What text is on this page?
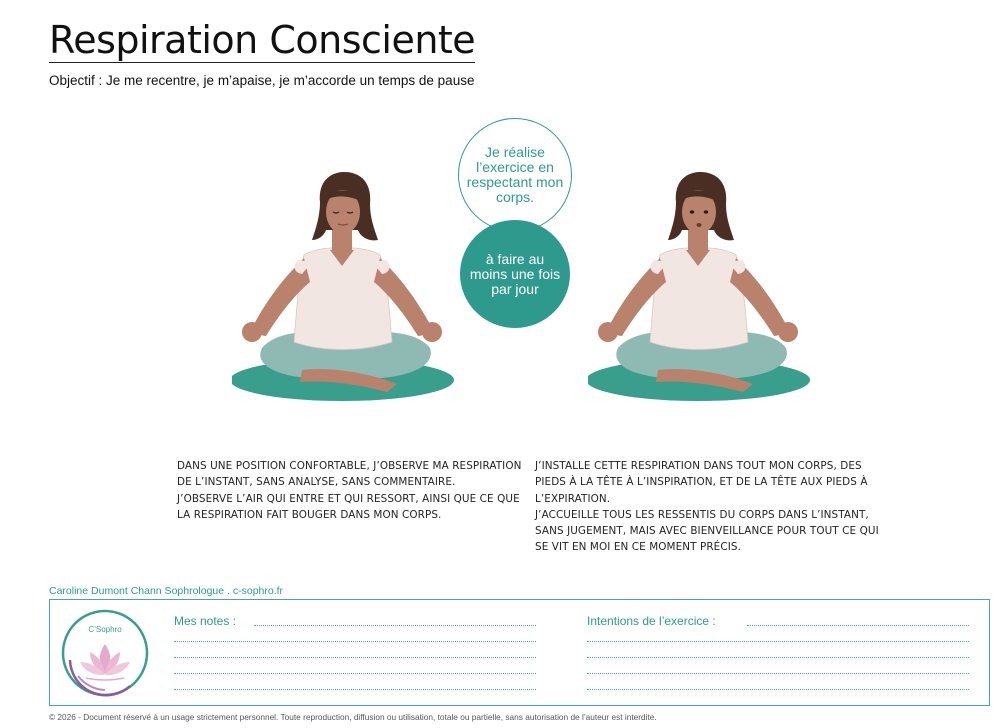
Respiration Consciente
Objectif : Je me recentre, je m’apaise, je m’accorde un temps de pause
Je réalise l’exercice en respectant mon corps.
à faire au moins une fois par jour

DANS UNE POSITION CONFORTABLE, J’OBSERVE MA RESPIRATION DE L’INSTANT, SANS ANALYSE, SANS COMMENTAIRE.

J’OBSERVE L’AIR QUI ENTRE ET QUI RESSORT, AINSI QUE CE QUE LA RESPIRATION FAIT BOUGER DANS MON CORPS.

J’INSTALLE CETTE RESPIRATION DANS TOUT MON CORPS, DES PIEDS À LA TÊTE À L’INSPIRATION, ET DE LA TÊTE AUX PIEDS À L’EXPIRATION.

J’ACCUEILLE TOUS LES RESSENTIS DU CORPS DANS L’INSTANT, SANS JUGEMENT, MAIS AVEC BIENVEILLANCE POUR TOUT CE QUI SE VIT EN MOI EN CE MOMENT PRÉCIS.

Caroline Dumont Chann Sophrologue . c-sophro.fr
C’Sophro
Mes notes :	Intentions de l’exercice :
© 2026 - Document réservé à un usage strictement personnel. Toute reproduction, diffusion ou utilisation, totale ou partielle, sans autorisation de l’auteur est interdite.
